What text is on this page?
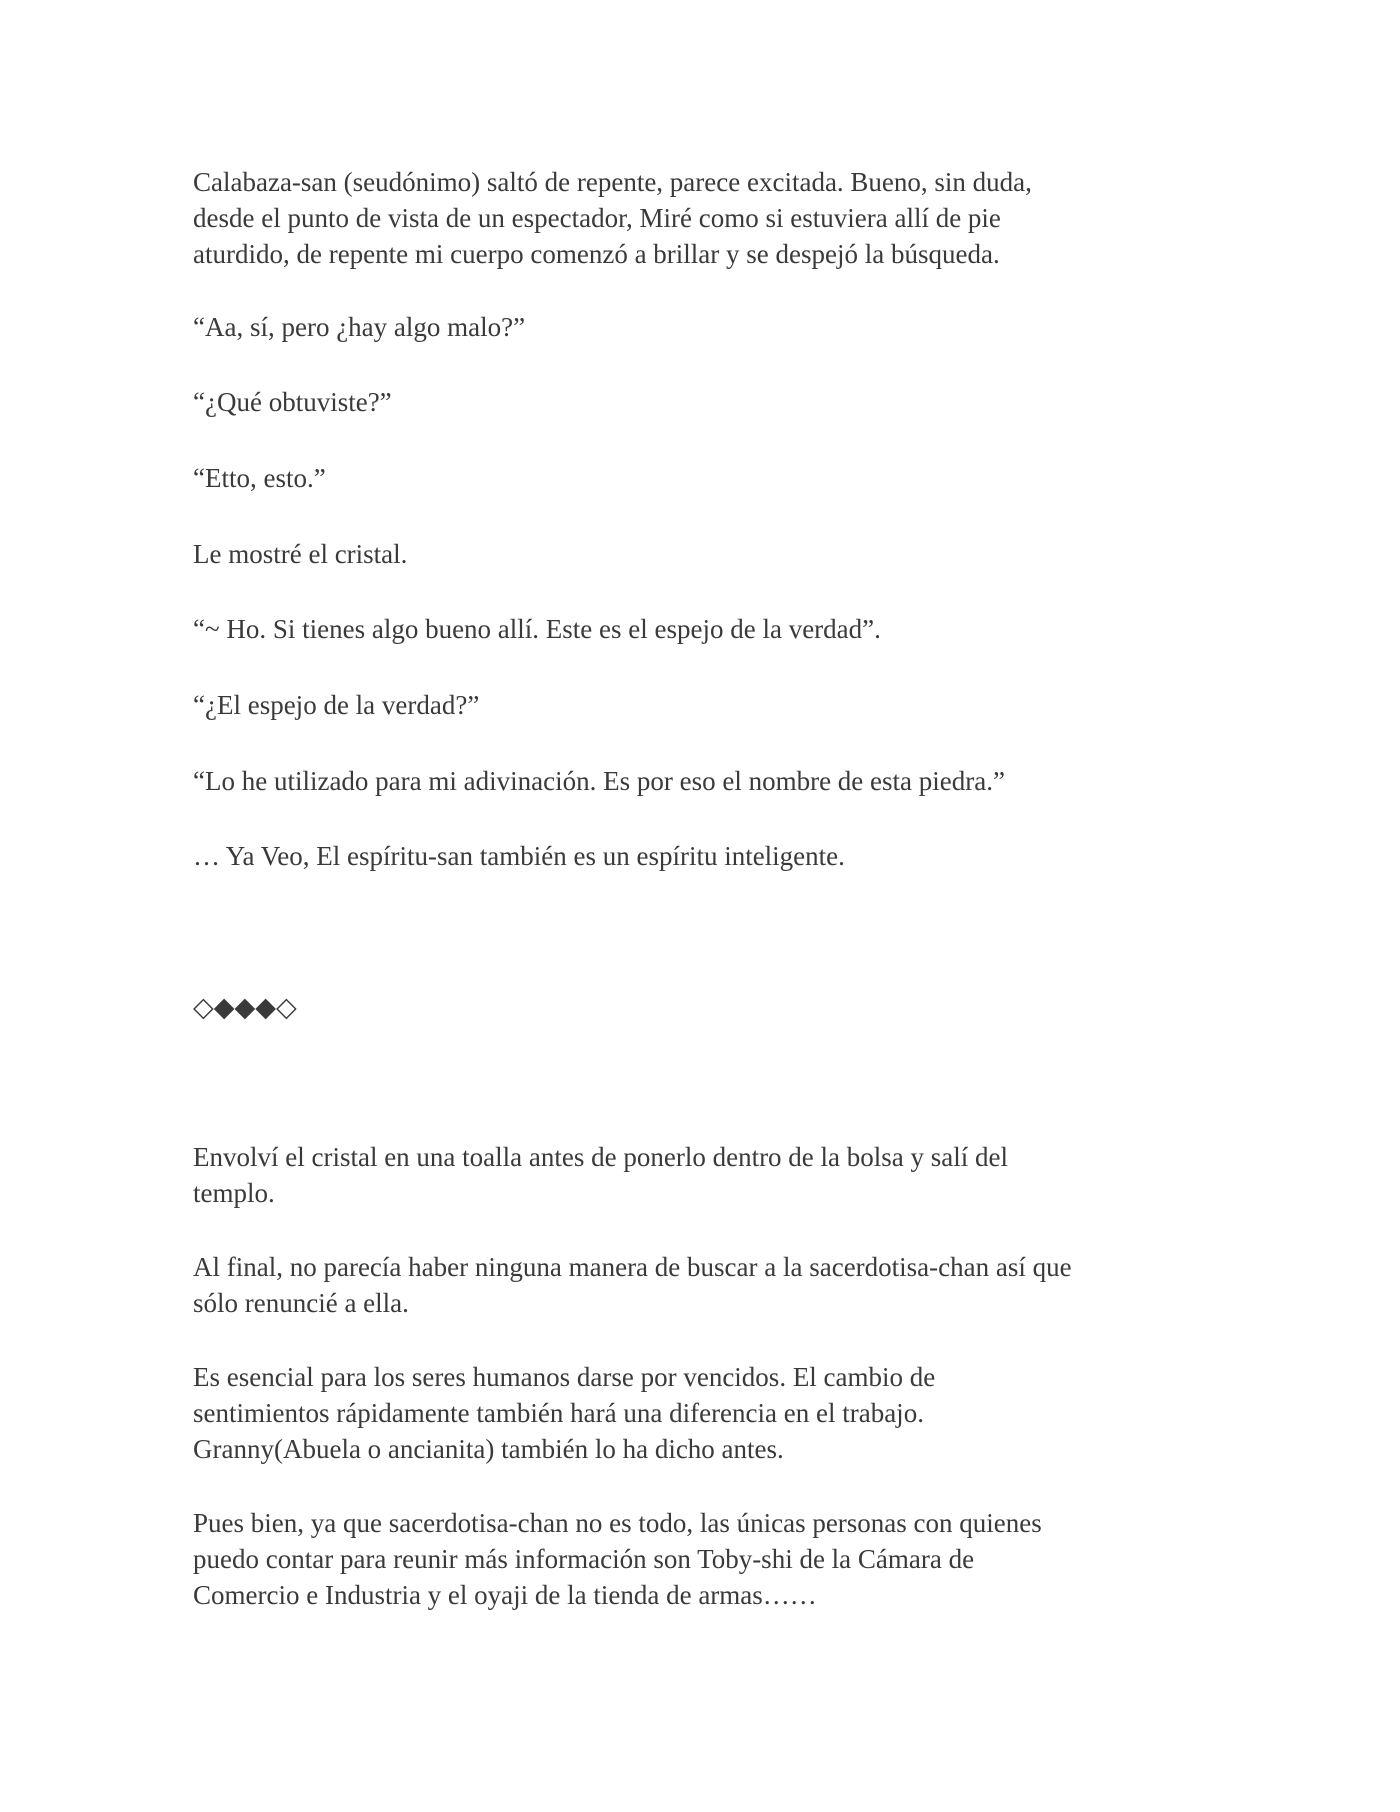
Calabaza-san (seudónimo) saltó de repente, parece excitada. Bueno, sin duda,
desde el punto de vista de un espectador, Miré como si estuviera allí de pie
aturdido, de repente mi cuerpo comenzó a brillar y se despejó la búsqueda.

“Aa, sí, pero ¿hay algo malo?”

“¿Qué obtuviste?”

“Etto, esto.”

Le mostré el cristal.

“~ Ho. Si tienes algo bueno allí. Este es el espejo de la verdad”.

“¿El espejo de la verdad?”

“Lo he utilizado para mi adivinación. Es por eso el nombre de esta piedra.”

… Ya Veo, El espíritu-san también es un espíritu inteligente.

◇◆◆◆◇

Envolví el cristal en una toalla antes de ponerlo dentro de la bolsa y salí del
templo.

Al final, no parecía haber ninguna manera de buscar a la sacerdotisa-chan así que
sólo renuncié a ella.

Es esencial para los seres humanos darse por vencidos. El cambio de
sentimientos rápidamente también hará una diferencia en el trabajo.
Granny(Abuela o ancianita) también lo ha dicho antes.

Pues bien, ya que sacerdotisa-chan no es todo, las únicas personas con quienes
puedo contar para reunir más información son Toby-shi de la Cámara de
Comercio e Industria y el oyaji de la tienda de armas……
